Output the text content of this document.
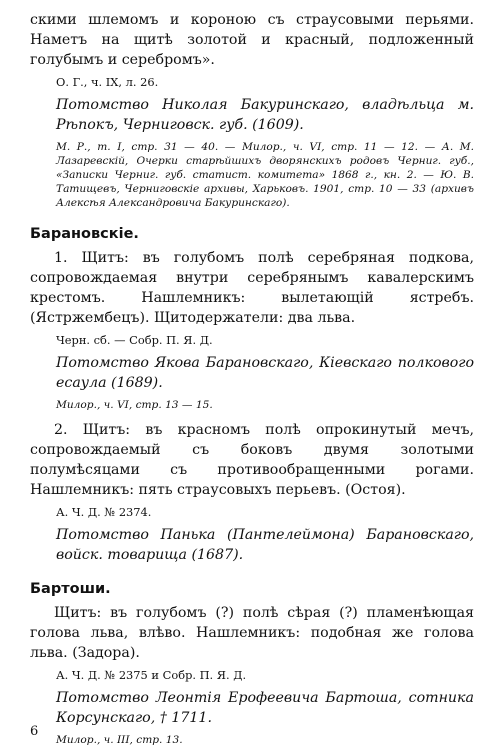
скими шлемомъ и короною съ страусовыми перьями. Наметъ на щитѣ золотой и красный, подложенный голубымъ и серебромъ».

О. Г., ч. IX, л. 26.

Потомство Николая Бакуринскаго, владѣльца м. Рѣпокъ, Черниговск. губ. (1609).

М. Р., т. I, стр. 31 — 40. — Милор., ч. VI, стр. 11 — 12. — А. М. Лазаревскій, Очерки старѣйшихъ дворянскихъ родовъ Черниг. губ., «Записки Черниг. губ. статист. комитета» 1868 г., кн. 2. — Ю. В. Татищевъ, Черниговскіе архивы, Харьковъ. 1901, стр. 10 — 33 (архивъ Алексѣя Александровича Бакуринскаго).

Барановскіе.

1. Щитъ: въ голубомъ полѣ серебряная подкова, сопровождаемая внутри серебрянымъ кавалерскимъ крестомъ. Нашлемникъ: вылетающій ястребъ. (Ястржембецъ). Щитодержатели: два льва.

Черн. сб. — Собр. П. Я. Д.

Потомство Якова Барановскаго, Кіевскаго полкового есаула (1689).

Милор., ч. VI, стр. 13 — 15.

2. Щитъ: въ красномъ полѣ опрокинутый мечъ, сопровождаемый съ боковъ двумя золотыми полумѣсяцами съ противообращенными рогами. Нашлемникъ: пять страусовыхъ перьевъ. (Остоя).

А. Ч. Д. № 2374.

Потомство Панька (Пантелеймона) Барановскаго, войск. товарища (1687).

Бартоши.

Щитъ: въ голубомъ (?) полѣ сѣрая (?) пламенѣющая голова льва, влѣво. Нашлемникъ: подобная же голова льва. (Задора).

А. Ч. Д. № 2375 и Собр. П. Я. Д.

Потомство Леонтія Ерофеевича Бартоша, сотника Корсунскаго, † 1711.

Милор., ч. III, стр. 13.

6
